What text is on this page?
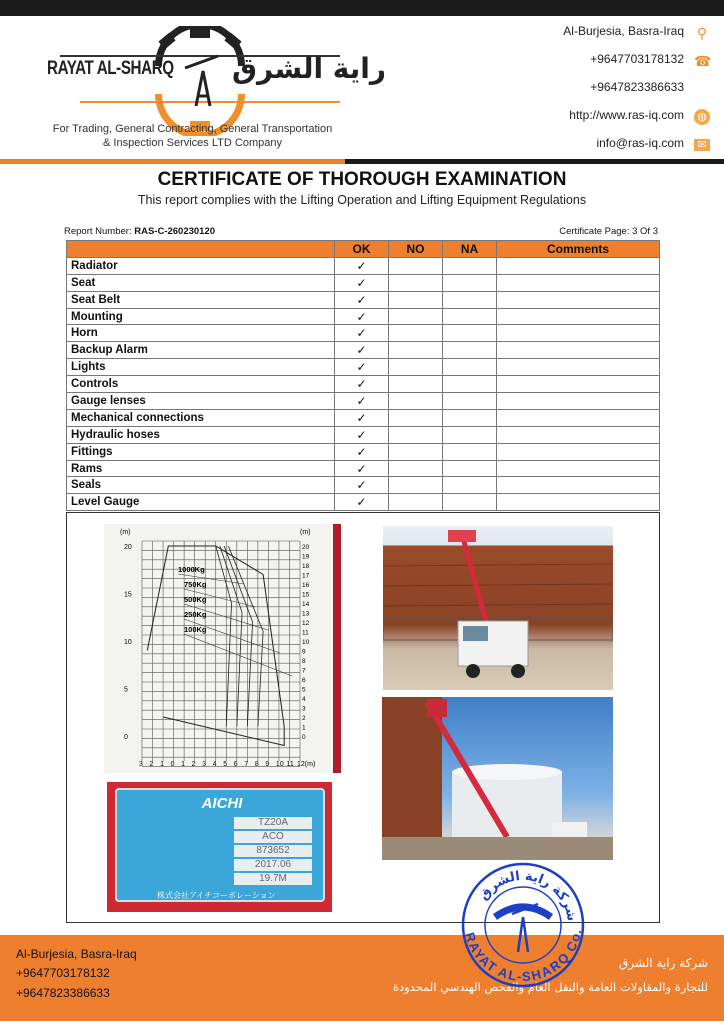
RAYAT AL-SHARQ راية الشرق
For Trading, General Contracting, General Transportation
& Inspection Services LTD Company
Al-Burjesia, Basra-Iraq ⚲
+9647703178132 ☎
+9647823386633
http://www.ras-iq.com ◍
info@ras-iq.com	✉
CERTIFICATE OF THOROUGH EXAMINATION
This report complies with the Lifting Operation and Lifting Equipment Regulations
Report Number: RAS-C-260230120	Certificate Page: 3 Of 3
	OK	NO	NA	Comments
Radiator	✓			
Seat	✓			
Seat Belt	✓			
Mounting	✓			
Horn	✓			
Backup Alarm	✓			
Lights	✓			
Controls	✓			
Gauge lenses	✓			
Mechanical connections	✓			
Hydraulic hoses	✓			
Fittings	✓			
Rams	✓			
Seals	✓			
Level Gauge	✓			
(m)	(m)
20
15
10
5
0
20
19
18
17
16
15
14
13
12
11
10
9
8
7
6
5
4
3
2
1
0
3 2 1 0 1 2 3 4 5 6 7 8 9 10 11 12(m)
1000Kg
750Kg
500Kg
250Kg
100Kg
AICHI
TZ20A
ACO
873652
2017.06
19.7M
株式会社アイチコーポレーション
Al-Burjesia, Basra-Iraq
+9647703178132
+9647823386633
شركة راية الشرق
للتجارة والمقاولات العامة والنقل العام والفحص الهندسي المحدودة
شركة راية الشرق
RAYAT AL-SHARQ Co.
